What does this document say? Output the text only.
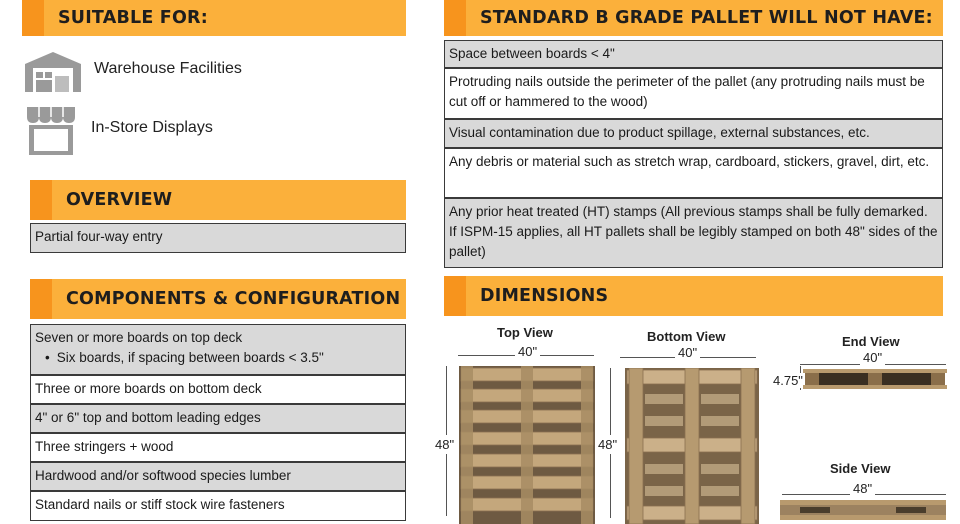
SUITABLE FOR:
Warehouse Facilities
In-Store Displays
OVERVIEW
Partial four-way entry
COMPONENTS & CONFIGURATION
Seven or more boards on top deck
• Six boards, if spacing between boards < 3.5"
Three or more boards on bottom deck
4" or 6" top and bottom leading edges
Three stringers + wood
Hardwood and/or softwood species lumber
Standard nails or stiff stock wire fasteners
STANDARD B GRADE PALLET WILL NOT HAVE:
Space between boards < 4"
Protruding nails outside the perimeter of the pallet (any protruding nails must be cut off or hammered to the wood)
Visual contamination due to product spillage, external substances, etc.
Any debris or material such as stretch wrap, cardboard, stickers, gravel, dirt, etc.
Any prior heat treated (HT) stamps (All previous stamps shall be fully demarked. If ISPM-15 applies, all HT pallets shall be legibly stamped on both 48" sides of the pallet)
DIMENSIONS
Top View
40"
48"
Bottom View
40"
48"
End View
40"
4.75"
Side View
48"
